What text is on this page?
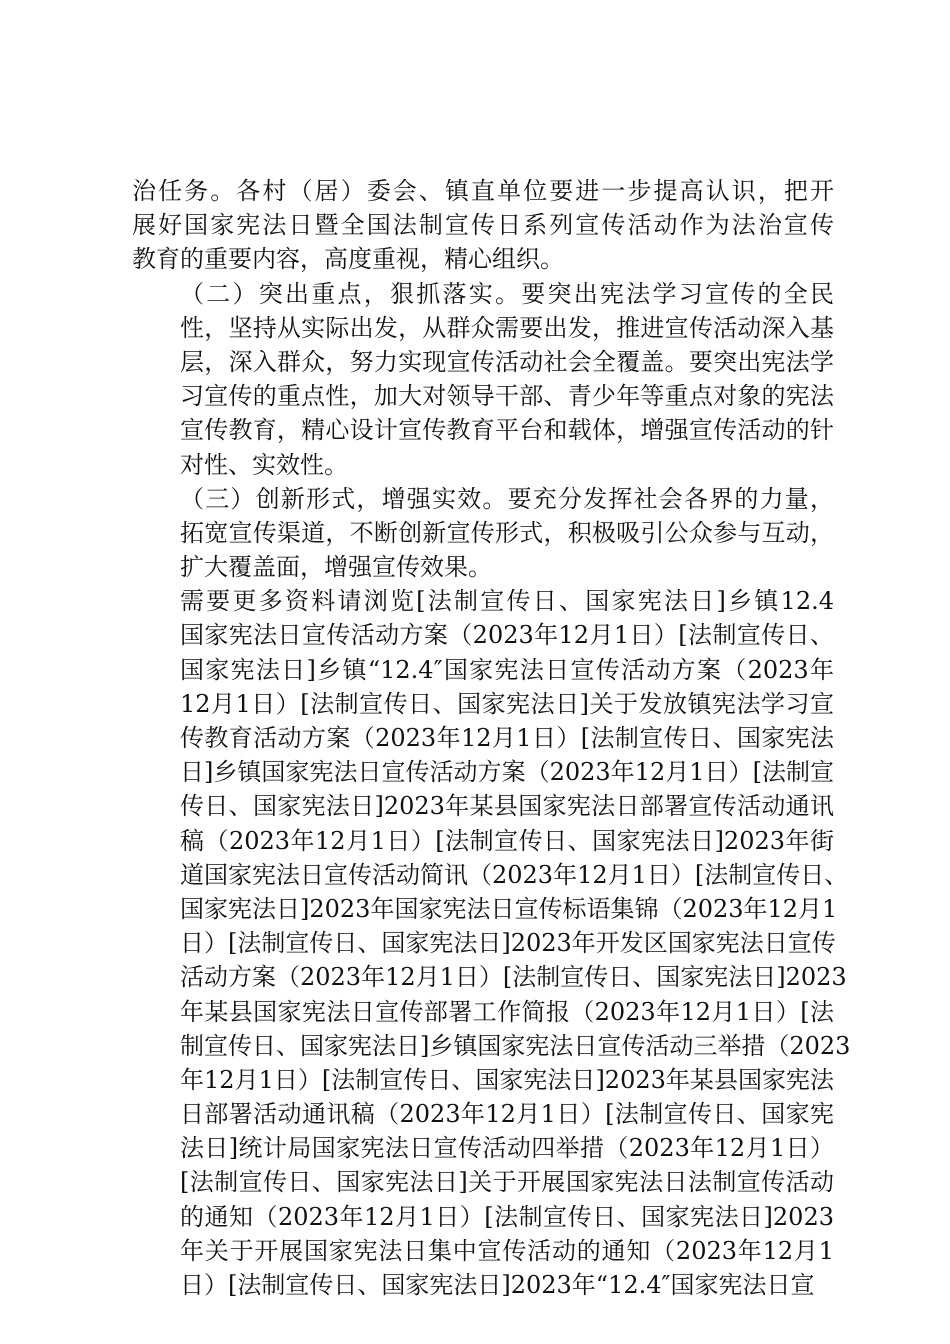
治任务。各村（居）委会、镇直单位要进一步提高认识，把开
展好国家宪法日暨全国法制宣传日系列宣传活动作为法治宣传
教育的重要内容，高度重视，精心组织。
（二）突出重点，狠抓落实。要突出宪法学习宣传的全民
性，坚持从实际出发，从群众需要出发，推进宣传活动深入基
层，深入群众，努力实现宣传活动社会全覆盖。要突出宪法学
习宣传的重点性，加大对领导干部、青少年等重点对象的宪法
宣传教育，精心设计宣传教育平台和载体，增强宣传活动的针
对性、实效性。
（三）创新形式，增强实效。要充分发挥社会各界的力量，
拓宽宣传渠道，不断创新宣传形式，积极吸引公众参与互动，
扩大覆盖面，增强宣传效果。
需要更多资料请浏览[法制宣传日、国家宪法日]乡镇12.4
国家宪法日宣传活动方案（2023年12月1日）[法制宣传日、
国家宪法日]乡镇“12.4″国家宪法日宣传活动方案（2023年
12月1日）[法制宣传日、国家宪法日]关于发放镇宪法学习宣
传教育活动方案（2023年12月1日）[法制宣传日、国家宪法
日]乡镇国家宪法日宣传活动方案（2023年12月1日）[法制宣
传日、国家宪法日]2023年某县国家宪法日部署宣传活动通讯
稿（2023年12月1日）[法制宣传日、国家宪法日]2023年街
道国家宪法日宣传活动简讯（2023年12月1日）[法制宣传日、
国家宪法日]2023年国家宪法日宣传标语集锦（2023年12月1
日）[法制宣传日、国家宪法日]2023年开发区国家宪法日宣传
活动方案（2023年12月1日）[法制宣传日、国家宪法日]2023
年某县国家宪法日宣传部署工作简报（2023年12月1日）[法
制宣传日、国家宪法日]乡镇国家宪法日宣传活动三举措（2023
年12月1日）[法制宣传日、国家宪法日]2023年某县国家宪法
日部署活动通讯稿（2023年12月1日）[法制宣传日、国家宪
法日]统计局国家宪法日宣传活动四举措（2023年12月1日）
[法制宣传日、国家宪法日]关于开展国家宪法日法制宣传活动
的通知（2023年12月1日）[法制宣传日、国家宪法日]2023
年关于开展国家宪法日集中宣传活动的通知（2023年12月1
日）[法制宣传日、国家宪法日]2023年“12.4″国家宪法日宣
